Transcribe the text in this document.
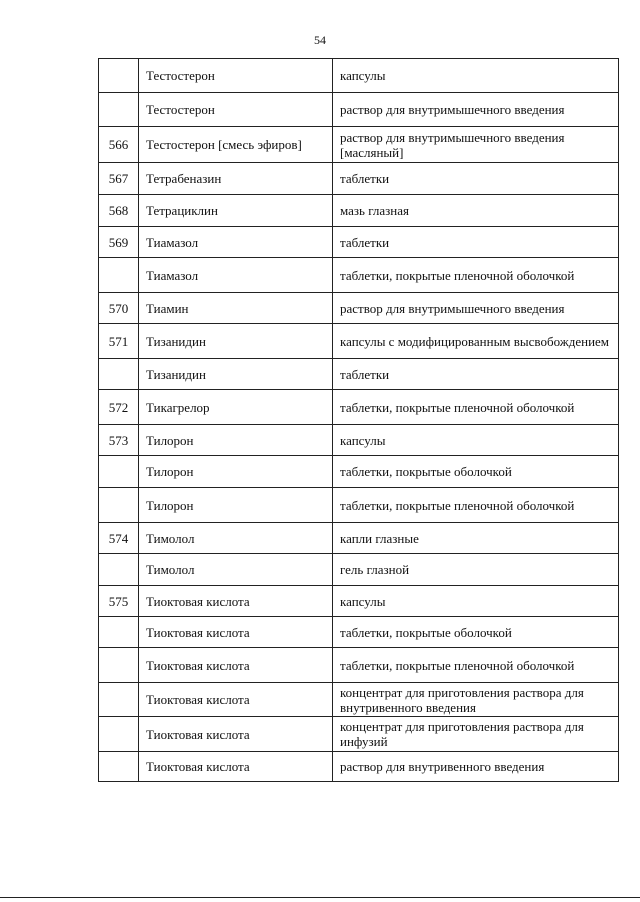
54
	Тестостерон	капсулы
	Тестостерон	раствор для внутримышечного введения
566	Тестостерон [смесь эфиров]	раствор для внутримышечного введения [масляный]
567	Тетрабеназин	таблетки
568	Тетрациклин	мазь глазная
569	Тиамазол	таблетки
	Тиамазол	таблетки, покрытые пленочной оболочкой
570	Тиамин	раствор для внутримышечного введения
571	Тизанидин	капсулы с модифицированным высвобождением
	Тизанидин	таблетки
572	Тикагрелор	таблетки, покрытые пленочной оболочкой
573	Тилорон	капсулы
	Тилорон	таблетки, покрытые оболочкой
	Тилорон	таблетки, покрытые пленочной оболочкой
574	Тимолол	капли глазные
	Тимолол	гель глазной
575	Тиоктовая кислота	капсулы
	Тиоктовая кислота	таблетки, покрытые оболочкой
	Тиоктовая кислота	таблетки, покрытые пленочной оболочкой
	Тиоктовая кислота	концентрат для приготовления раствора для внутривенного введения
	Тиоктовая кислота	концентрат для приготовления раствора для инфузий
	Тиоктовая кислота	раствор для внутривенного введения
